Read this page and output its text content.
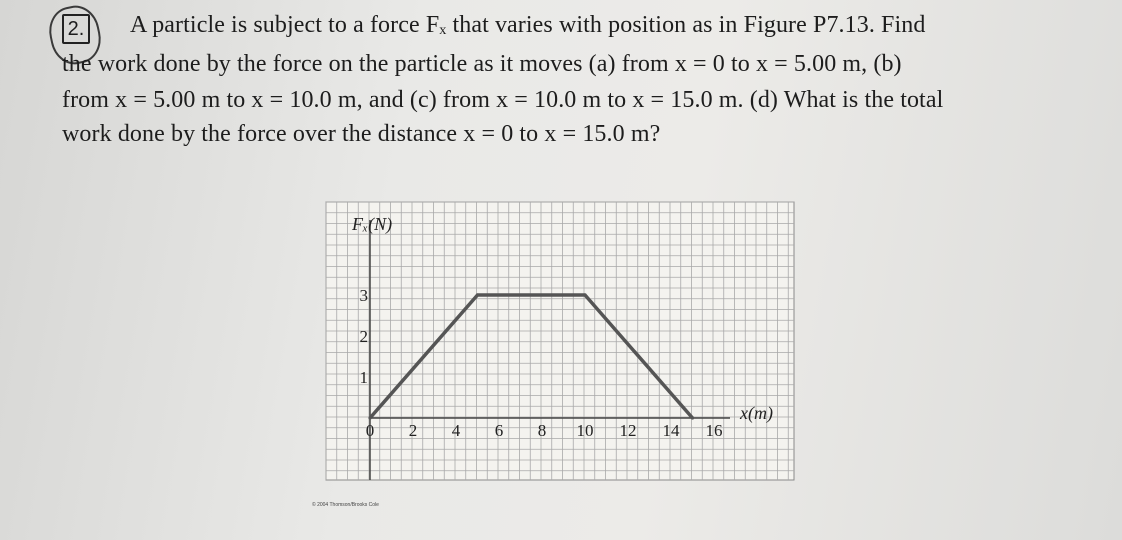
2. A particle is subject to a force Fₓ that varies with position as in Figure P7.13. Find
the work done by the force on the particle as it moves (a) from x = 0 to x = 5.00 m, (b)
from x = 5.00 m to x = 10.0 m, and (c) from x = 10.0 m to x = 15.0 m. (d) What is the total
work done by the force over the distance x = 0 to x = 15.0 m?
Fₓ(N)
x(m)
0 2 4 6 8 10 12 14 16
1
2
3
© 2004 Thomson/Brooks Cole
